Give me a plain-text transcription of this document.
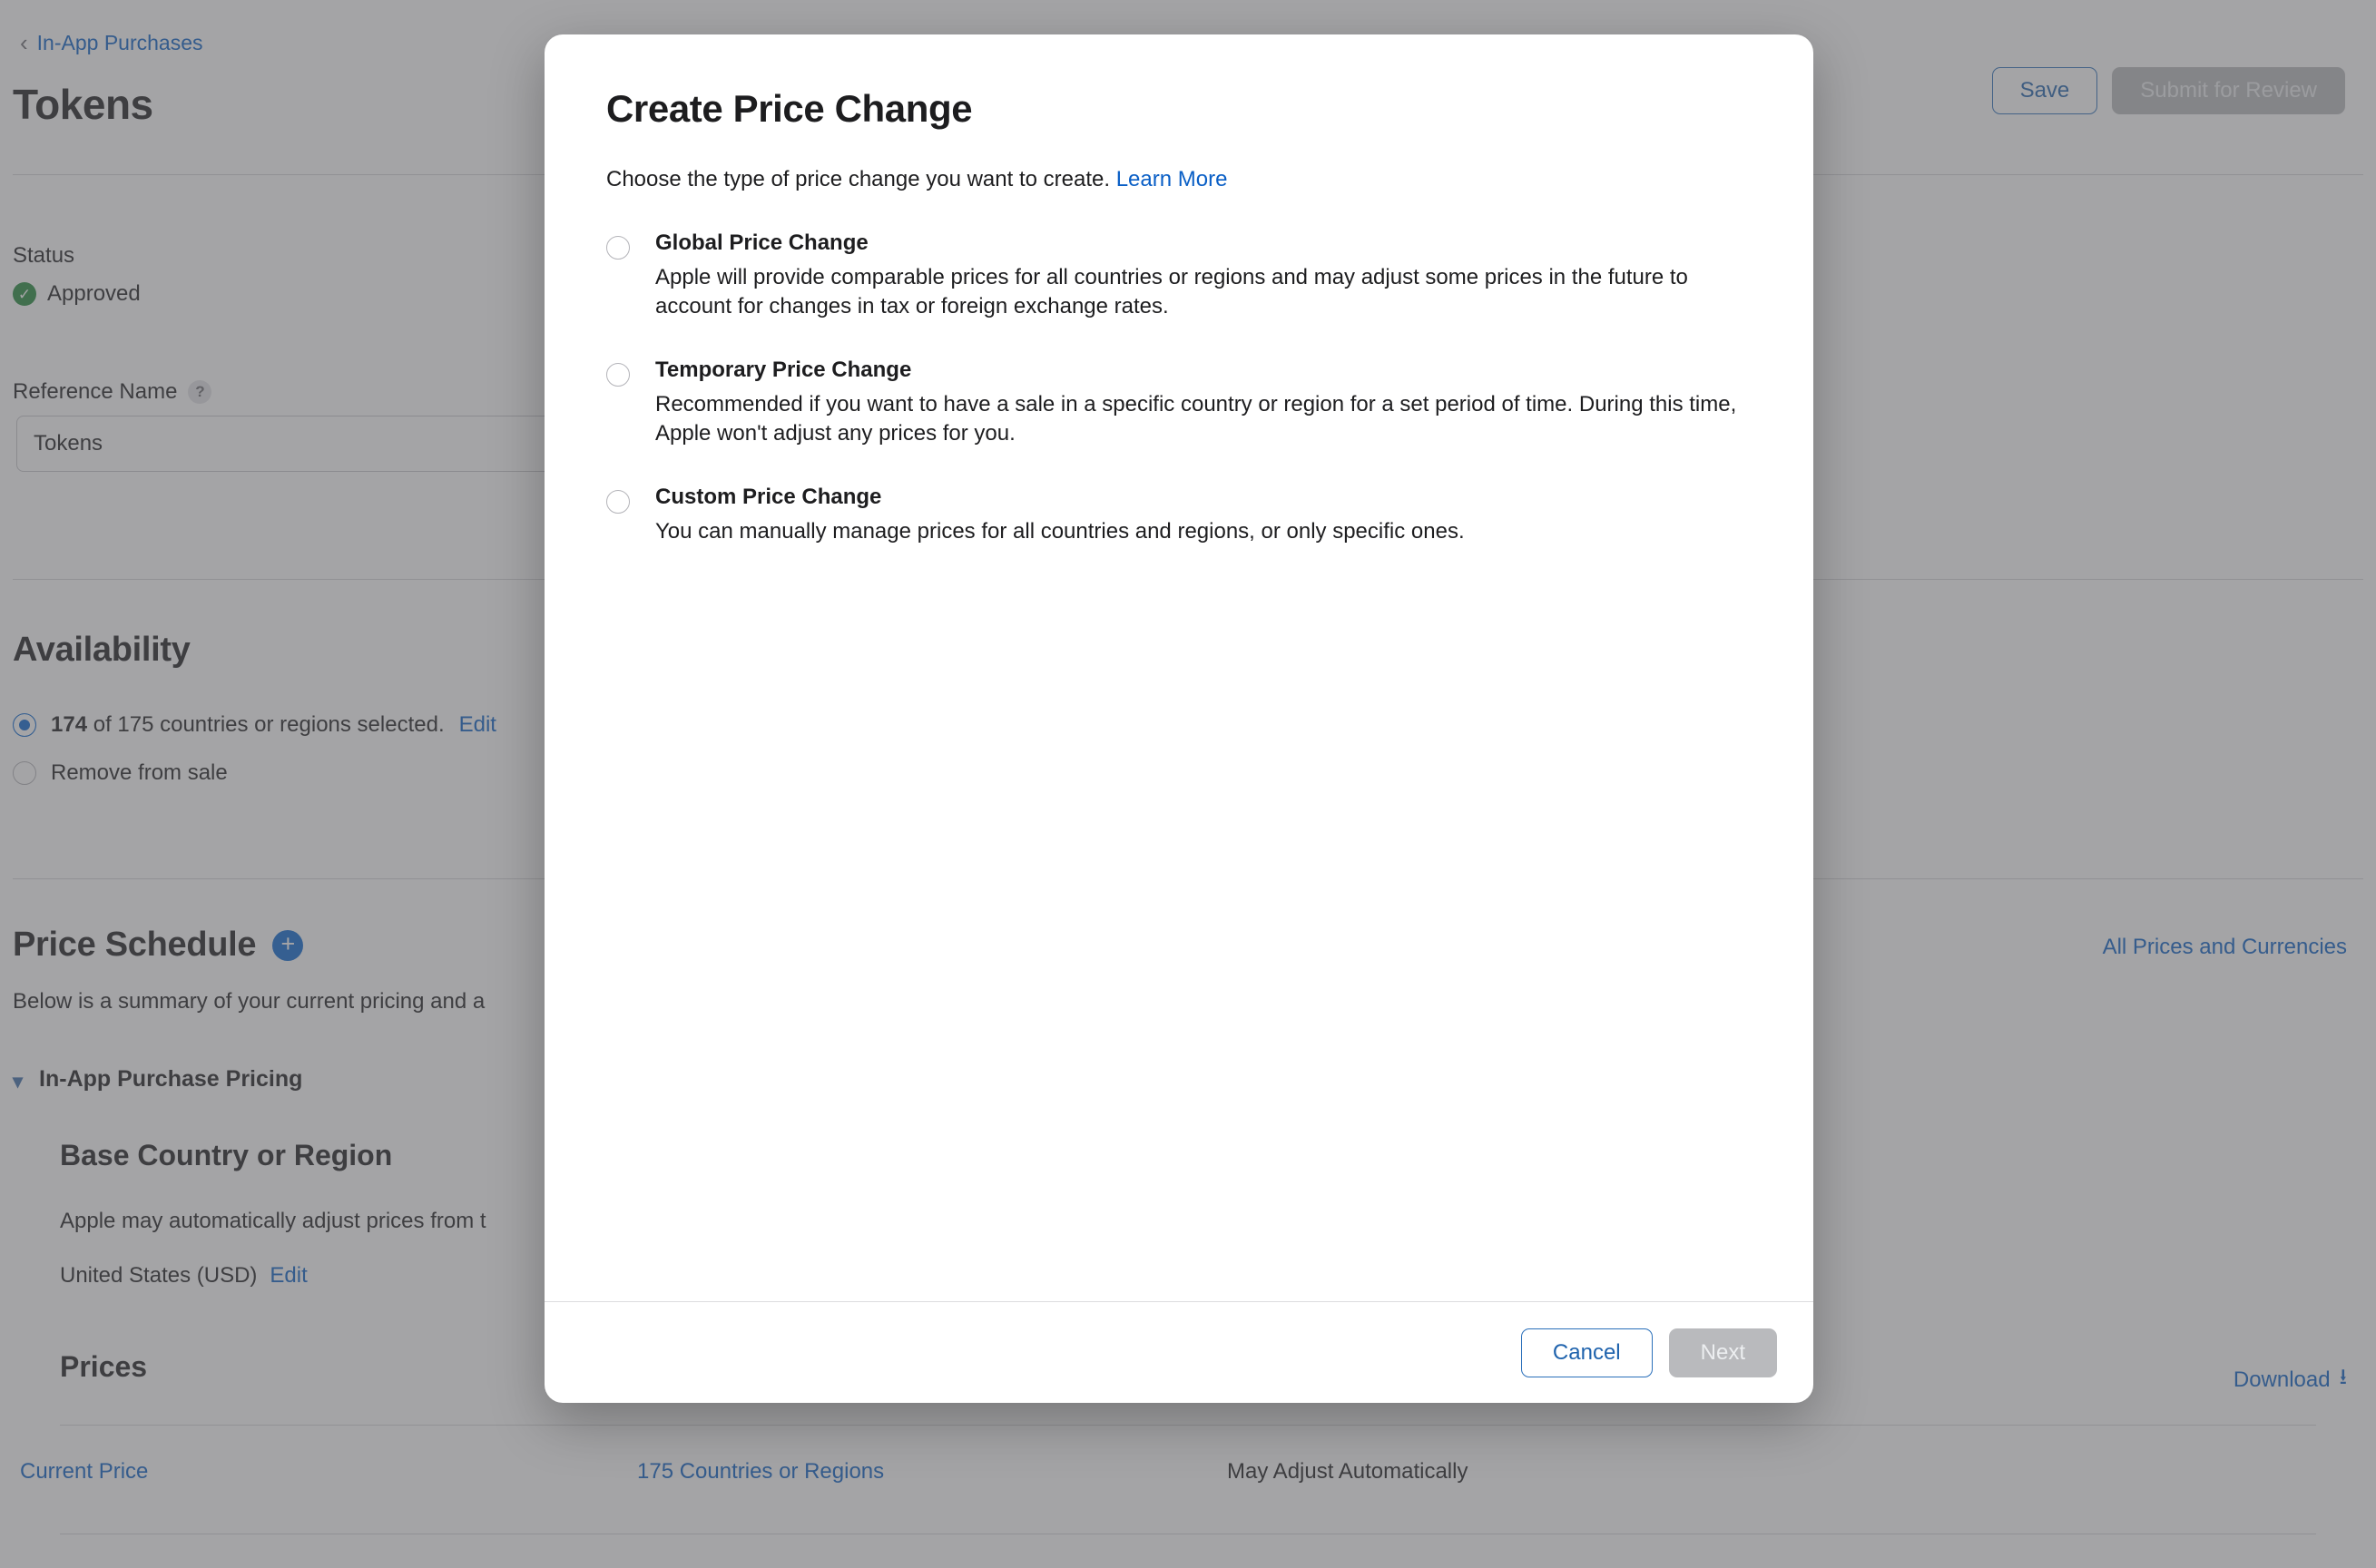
Tokens
Create Price Change
Choose the type of price change you want to create. Learn More
Global Price Change
Apple will provide comparable prices for all countries or regions and may adjust some prices in the future to account for changes in tax or foreign exchange rates.
Temporary Price Change
Recommended if you want to have a sale in a specific country or region for a set period of time. During this time, Apple won't adjust any prices for you.
Custom Price Change
You can manually manage prices for all countries and regions, or only specific ones.
Cancel	Next
